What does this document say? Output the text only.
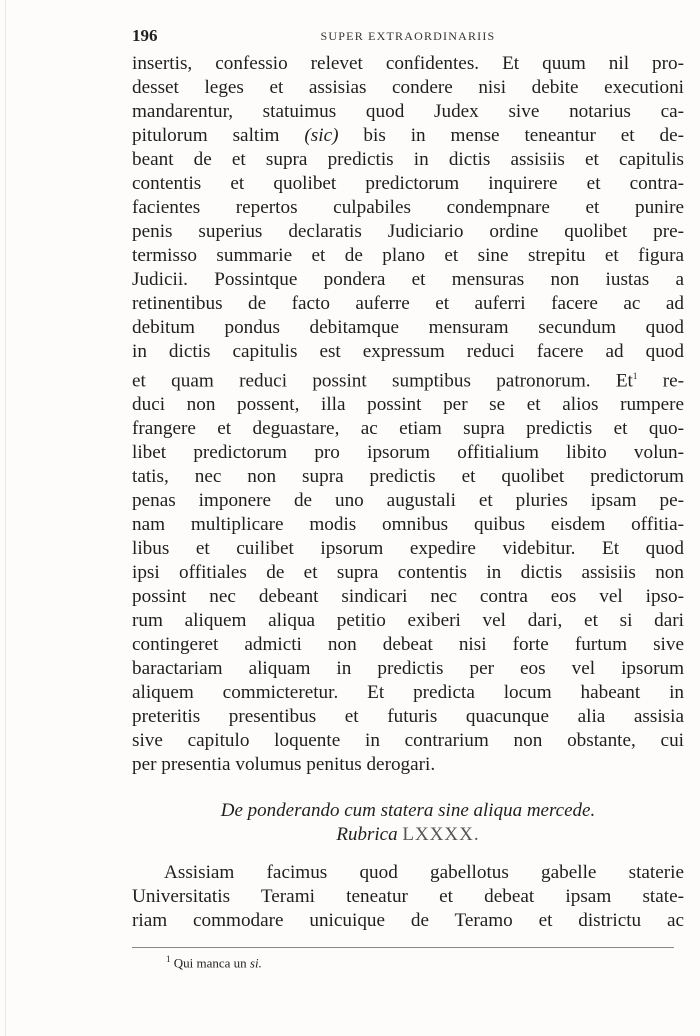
196	SUPER EXTRAORDINARIIS
insertis, confessio relevet confidentes. Et quum nil pro-
desset leges et assisias condere nisi debite executioni
mandarentur, statuimus quod Judex sive notarius ca-
pitulorum saltim (sic) bis in mense teneantur et de-
beant de et supra predictis in dictis assisiis et capitulis
contentis et quolibet predictorum inquirere et contra-
facientes repertos culpabiles condempnare et punire
penis superius declaratis Judiciario ordine quolibet pre-
termisso summarie et de plano et sine strepitu et figura
Judicii. Possintque pondera et mensuras non iustas a
retinentibus de facto auferre et auferri facere ac ad
debitum pondus debitamque mensuram secundum quod
in dictis capitulis est expressum reduci facere ad quod
et quam reduci possint sumptibus patronorum. Et$^1$ re-
duci non possent, illa possint per se et alios rumpere
frangere et deguastare, ac etiam supra predictis et quo-
libet predictorum pro ipsorum offitialium libito volun-
tatis, nec non supra predictis et quolibet predictorum
penas imponere de uno augustali et pluries ipsam pe-
nam multiplicare modis omnibus quibus eisdem offitia-
libus et cuilibet ipsorum expedire videbitur. Et quod
ipsi offitiales de et supra contentis in dictis assisiis non
possint nec debeant sindicari nec contra eos vel ipso-
rum aliquem aliqua petitio exiberi vel dari, et si dari
contingeret admicti non debeat nisi forte furtum sive
baractariam aliquam in predictis per eos vel ipsorum
aliquem commicteretur. Et predicta locum habeant in
preteritis presentibus et futuris quacunque alia assisia
sive capitulo loquente in contrarium non obstante, cui
per presentia volumus penitus derogari.
De ponderando cum statera sine aliqua mercede.
Rubrica LXXXX.
Assisiam facimus quod gabellotus gabelle staterie
Universitatis Terami teneatur et debeat ipsam state-
riam commodare unicuique de Teramo et districtu ac
$^1$ Qui manca un si.
